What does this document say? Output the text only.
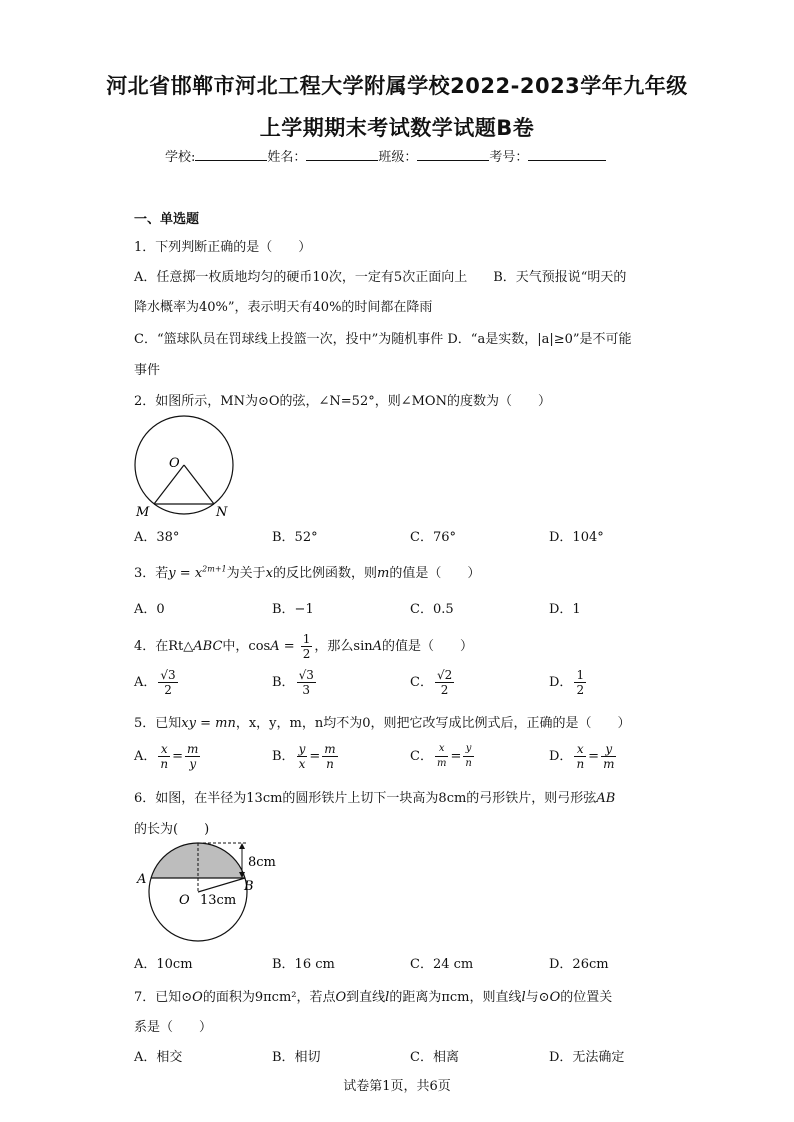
河北省邯郸市河北工程大学附属学校2022-2023学年九年级
上学期期末考试数学试题B卷
学校:	姓名：	班级：	考号：
一、单选题
1．下列判断正确的是（　　）
A．任意掷一枚质地均匀的硬币10次，一定有5次正面向上　　B．天气预报说“明天的
降水概率为40%”，表示明天有40%的时间都在降雨
C．“篮球队员在罚球线上投篮一次，投中”为随机事件 D．“a是实数，|a|≥0”是不可能
事件
2．如图所示，MN为⊙O的弦，∠N=52°，则∠MON的度数为（　　）
O
M	N
A．38°	B．52°	C．76°	D．104°
3．若$y = x^{2m+1}$为关于x的反比例函数，则m的值是（　　）
A．0	B．−1	C．0.5	D．1
4．在Rt△ABC中，$\cos A = \frac{1}{2}$ ，那么sinA的值是（　　）
A． $\frac{√3}{2}$	B． $\frac{√3}{3}$	C． $\frac{√2}{2}$	D． $\frac{1}{2}$
5．已知xy = mn，x，y，m，n均不为0，则把它改写成比例式后，正确的是（　　）
A． $\frac{x}{n} = \frac{m}{y}$	B． $\frac{y}{x} = \frac{m}{n}$	C． $\frac{x}{m} = \frac{y}{n}$	D． $\frac{x}{n} = \frac{y}{m}$
6．如图，在半径为13cm的圆形铁片上切下一块高为8cm的弓形铁片，则弓形弦AB
的长为(　　)
8cm
A	B
O 13cm
A．10cm	B．16 cm	C．24 cm	D．26cm
7．已知⊙O的面积为9πcm²，若点O到直线l的距离为πcm，则直线l与⊙O的位置关
系是（　　）
A．相交	B．相切	C．相离	D．无法确定
试卷第1页，共6页
